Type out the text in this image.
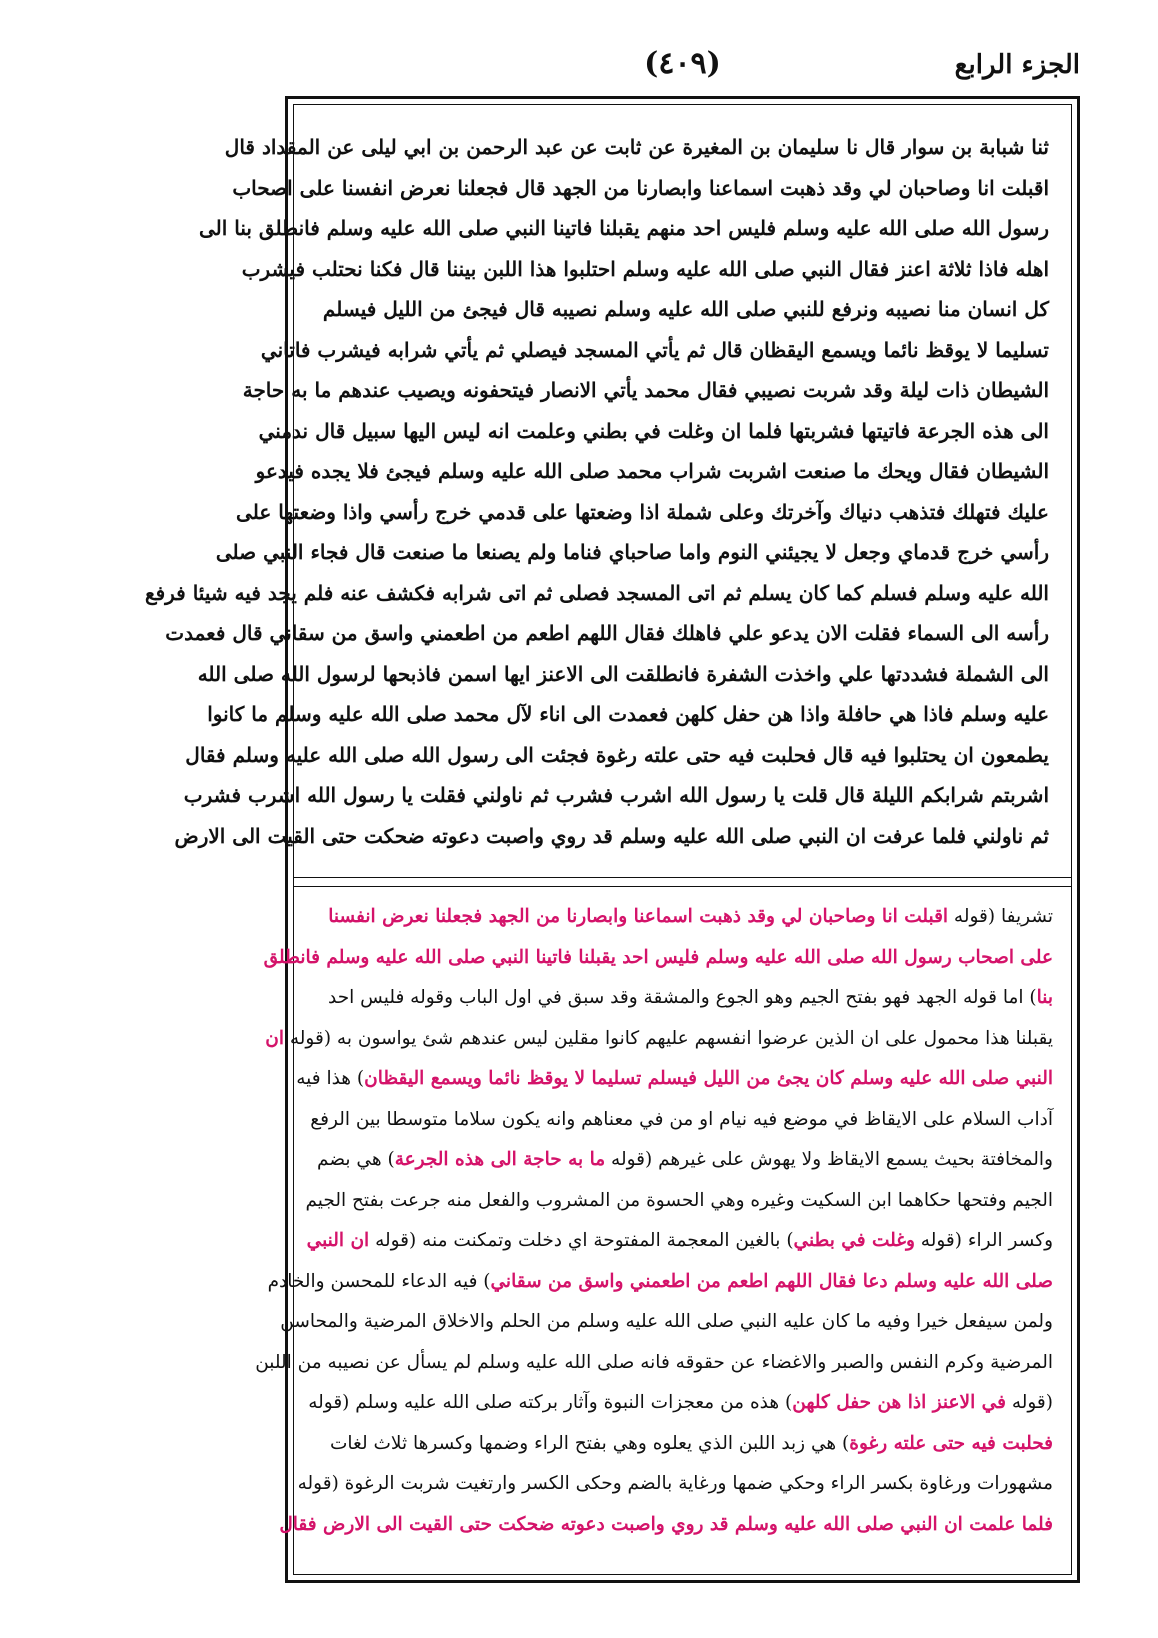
الجزء الرابع
(٤٠٩)
ثنا شبابة بن سوار قال نا سليمان بن المغيرة عن ثابت عن عبد الرحمن بن ابي ليلى عن المقداد قال
اقبلت انا وصاحبان لي وقد ذهبت اسماعنا وابصارنا من الجهد قال فجعلنا نعرض انفسنا على اصحاب
رسول الله صلى الله عليه وسلم فليس احد منهم يقبلنا فاتينا النبي صلى الله عليه وسلم فانطلق بنا الى
اهله فاذا ثلاثة اعنز فقال النبي صلى الله عليه وسلم احتلبوا هذا اللبن بيننا قال فكنا نحتلب فيشرب
كل انسان منا نصيبه ونرفع للنبي صلى الله عليه وسلم نصيبه قال فيجئ من الليل فيسلم
تسليما لا يوقظ نائما ويسمع اليقظان قال ثم يأتي المسجد فيصلي ثم يأتي شرابه فيشرب فاتاني
الشيطان ذات ليلة وقد شربت نصيبي فقال محمد يأتي الانصار فيتحفونه ويصيب عندهم ما به حاجة
الى هذه الجرعة فاتيتها فشربتها فلما ان وغلت في بطني وعلمت انه ليس اليها سبيل قال ندمني
الشيطان فقال ويحك ما صنعت اشربت شراب محمد صلى الله عليه وسلم فيجئ فلا يجده فيدعو
عليك فتهلك فتذهب دنياك وآخرتك وعلى شملة اذا وضعتها على قدمي خرج رأسي واذا وضعتها على
رأسي خرج قدماي وجعل لا يجيئني النوم واما صاحباي فناما ولم يصنعا ما صنعت قال فجاء النبي صلى
الله عليه وسلم فسلم كما كان يسلم ثم اتى المسجد فصلى ثم اتى شرابه فكشف عنه فلم يجد فيه شيئا فرفع
رأسه الى السماء فقلت الان يدعو علي فاهلك فقال اللهم اطعم من اطعمني واسق من سقاني قال فعمدت
الى الشملة فشددتها علي واخذت الشفرة فانطلقت الى الاعنز ايها اسمن فاذبحها لرسول الله صلى الله
عليه وسلم فاذا هي حافلة واذا هن حفل كلهن فعمدت الى اناء لآل محمد صلى الله عليه وسلم ما كانوا
يطمعون ان يحتلبوا فيه قال فحلبت فيه حتى علته رغوة فجئت الى رسول الله صلى الله عليه وسلم فقال
اشربتم شرابكم الليلة قال قلت يا رسول الله اشرب فشرب ثم ناولني فقلت يا رسول الله اشرب فشرب
ثم ناولني فلما عرفت ان النبي صلى الله عليه وسلم قد روي واصبت دعوته ضحكت حتى القيت الى الارض
تشريفا (قوله اقبلت انا وصاحبان لي وقد ذهبت اسماعنا وابصارنا من الجهد فجعلنا نعرض انفسنا
على اصحاب رسول الله صلى الله عليه وسلم فليس احد يقبلنا فاتينا النبي صلى الله عليه وسلم فانطلق
بنا) اما قوله الجهد فهو بفتح الجيم وهو الجوع والمشقة وقد سبق في اول الباب وقوله فليس احد
يقبلنا هذا محمول على ان الذين عرضوا انفسهم عليهم كانوا مقلين ليس عندهم شئ يواسون به (قوله ان
النبي صلى الله عليه وسلم كان يجئ من الليل فيسلم تسليما لا يوقظ نائما ويسمع اليقظان) هذا فيه
آداب السلام على الايقاظ في موضع فيه نيام او من في معناهم وانه يكون سلاما متوسطا بين الرفع
والمخافتة بحيث يسمع الايقاظ ولا يهوش على غيرهم (قوله ما به حاجة الى هذه الجرعة) هي بضم
الجيم وفتحها حكاهما ابن السكيت وغيره وهي الحسوة من المشروب والفعل منه جرعت بفتح الجيم
وكسر الراء (قوله وغلت في بطني) بالغين المعجمة المفتوحة اي دخلت وتمكنت منه (قوله ان النبي
صلى الله عليه وسلم دعا فقال اللهم اطعم من اطعمني واسق من سقاني) فيه الدعاء للمحسن والخادم
ولمن سيفعل خيرا وفيه ما كان عليه النبي صلى الله عليه وسلم من الحلم والاخلاق المرضية والمحاسن
المرضية وكرم النفس والصبر والاغضاء عن حقوقه فانه صلى الله عليه وسلم لم يسأل عن نصيبه من اللبن
(قوله في الاعنز اذا هن حفل كلهن) هذه من معجزات النبوة وآثار بركته صلى الله عليه وسلم (قوله
فحلبت فيه حتى علته رغوة) هي زبد اللبن الذي يعلوه وهي بفتح الراء وضمها وكسرها ثلاث لغات
مشهورات ورغاوة بكسر الراء وحكي ضمها ورغاية بالضم وحكى الكسر وارتغيت شربت الرغوة (قوله
فلما علمت ان النبي صلى الله عليه وسلم قد روي واصبت دعوته ضحكت حتى القيت الى الارض فقال
